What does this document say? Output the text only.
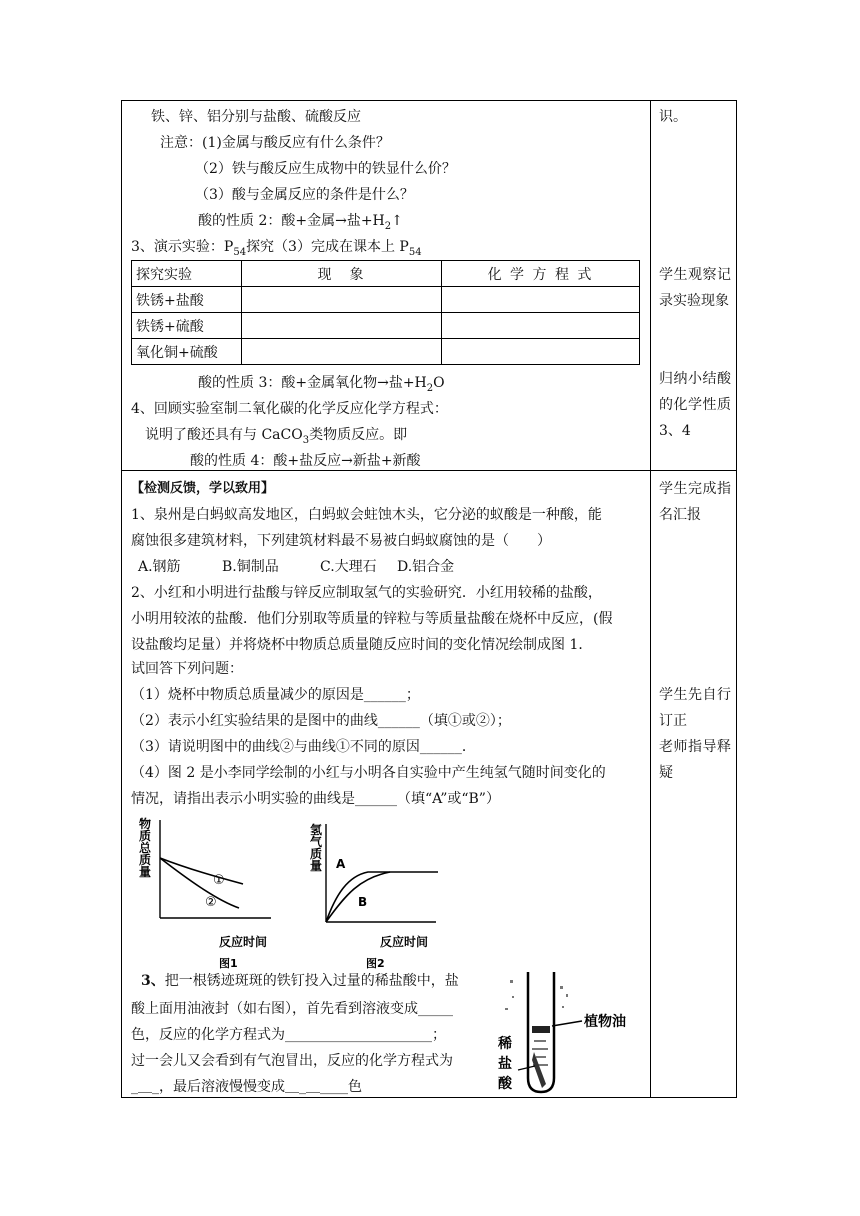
铁、锌、铝分别与盐酸、硫酸反应
注意：(1)金属与酸反应有什么条件？
（2）铁与酸反应生成物中的铁显什么价？
（3）酸与金属反应的条件是什么？
酸的性质 2：酸+金属→盐$+H_2↑$
3、演示实验：$P_{54}$探究（3）完成在课本上 $P_{54}$
探究实验	现　象	化 学 方 程 式
铁锈+盐酸		
铁锈+硫酸		
氧化铜+硫酸		
酸的性质 3：酸+金属氧化物→盐$+H_2O$
4、回顾实验室制二氧化碳的化学反应化学方程式：
说明了酸还具有与 CaCO$_3$类物质反应。即
酸的性质 4：酸+盐反应→新盐+新酸
识。
学生观察记录实验现象
归纳小结酸的化学性质 3、4
【检测反馈，学以致用】
1、泉州是白蚂蚁高发地区，白蚂蚁会蛀蚀木头，它分泌的蚁酸是一种酸，能
腐蚀很多建筑材料，下列建筑材料最不易被白蚂蚁腐蚀的是（　　）
A.钢筋	B.铜制品	C.大理石 D.铝合金
2、小红和小明进行盐酸与锌反应制取氢气的实验研究．小红用较稀的盐酸，
小明用较浓的盐酸．他们分别取等质量的锌粒与等质量盐酸在烧杯中反应，(假
设盐酸均足量）并将烧杯中物质总质量随反应时间的变化情况绘制成图 1．
试回答下列问题：
（1）烧杯中物质总质量减少的原因是______；
（2）表示小红实验结果的是图中的曲线______（填①或②）；
（3）请说明图中的曲线②与曲线①不同的原因______．
（4）图 2 是小李同学绘制的小红与小明各自实验中产生纯氢气随时间变化的
情况，请指出表示小明实验的曲线是______（填“A”或“B”）
物
质
总
质
量
①
②
反应时间
图1
氢
气
质
量 A
B
反应时间
图2
3、把一根锈迹斑斑的铁钉投入过量的稀盐酸中，盐
酸上面用油液封（如右图），首先看到溶液变成_____
色，反应的化学方程式为_____________________；
过一会儿又会看到有气泡冒出，反应的化学方程式为
_＿_，最后溶液慢慢变成＿_＿____色
植物油
稀
盐
酸
学生完成指名汇报
学生先自行订正
老师指导释疑
